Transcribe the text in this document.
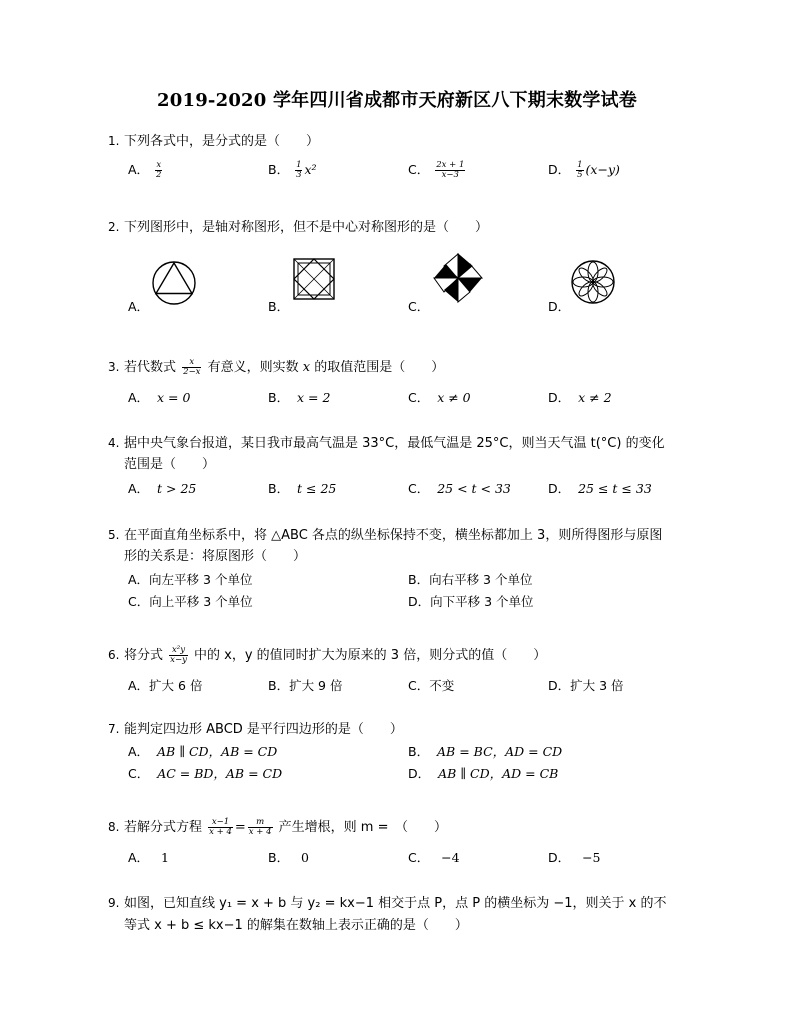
2019-2020 学年四川省成都市天府新区八下期末数学试卷
1. 下列各式中，是分式的是（　　）
A． $\frac{x}{2}$	B． $\frac{1}{3} x^2$	C． $\frac{2x + 1}{x-3}$	D． $\frac{1}{5} (x-y)$
2. 下列图形中，是轴对称图形，但不是中心对称图形的是（　　）
A．	B．	C．	D．
3. 若代数式 $\frac{x}{2-x}$ 有意义，则实数 x 的取值范围是（　　）
A． x = 0	B． x = 2	C． x ≠ 0	D． x ≠ 2
4. 据中央气象台报道，某日我市最高气温是 33°C，最低气温是 25°C，则当天气温 t(°C) 的变化
范围是（　　）
A． t > 25	B． t ≤ 25	C． 25 < t < 33	D． 25 ≤ t ≤ 33
5. 在平面直角坐标系中，将 △ABC 各点的纵坐标保持不变，横坐标都加上 3，则所得图形与原图
形的关系是：将原图形（　　）
A．向左平移 3 个单位	B．向右平移 3 个单位
C．向上平移 3 个单位	D．向下平移 3 个单位
6. 将分式 $\frac{\text{x²y}}{x-y}$ 中的 x，y 的值同时扩大为原来的 3 倍，则分式的值（　　）
A．扩大 6 倍	B．扩大 9 倍	C．不变	D．扩大 3 倍
7. 能判定四边形 ABCD 是平行四边形的是（　　）
A． AB ∥ CD，AB = CD	B． AB = BC，AD = CD
C． AC = BD，AB = CD	D． AB ∥ CD，AD = CB
8. 若解分式方程 $\frac{x-1}{x + 4} = \frac{m}{x + 4}$ 产生增根，则 m =　（　　）
A． 1	B． 0	C． −4	D． −5
9. 如图，已知直线 y₁ = x + b 与 y₂ = kx−1 相交于点 P，点 P 的横坐标为 −1，则关于 x 的不
等式 x + b ≤ kx−1 的解集在数轴上表示正确的是（　　）
